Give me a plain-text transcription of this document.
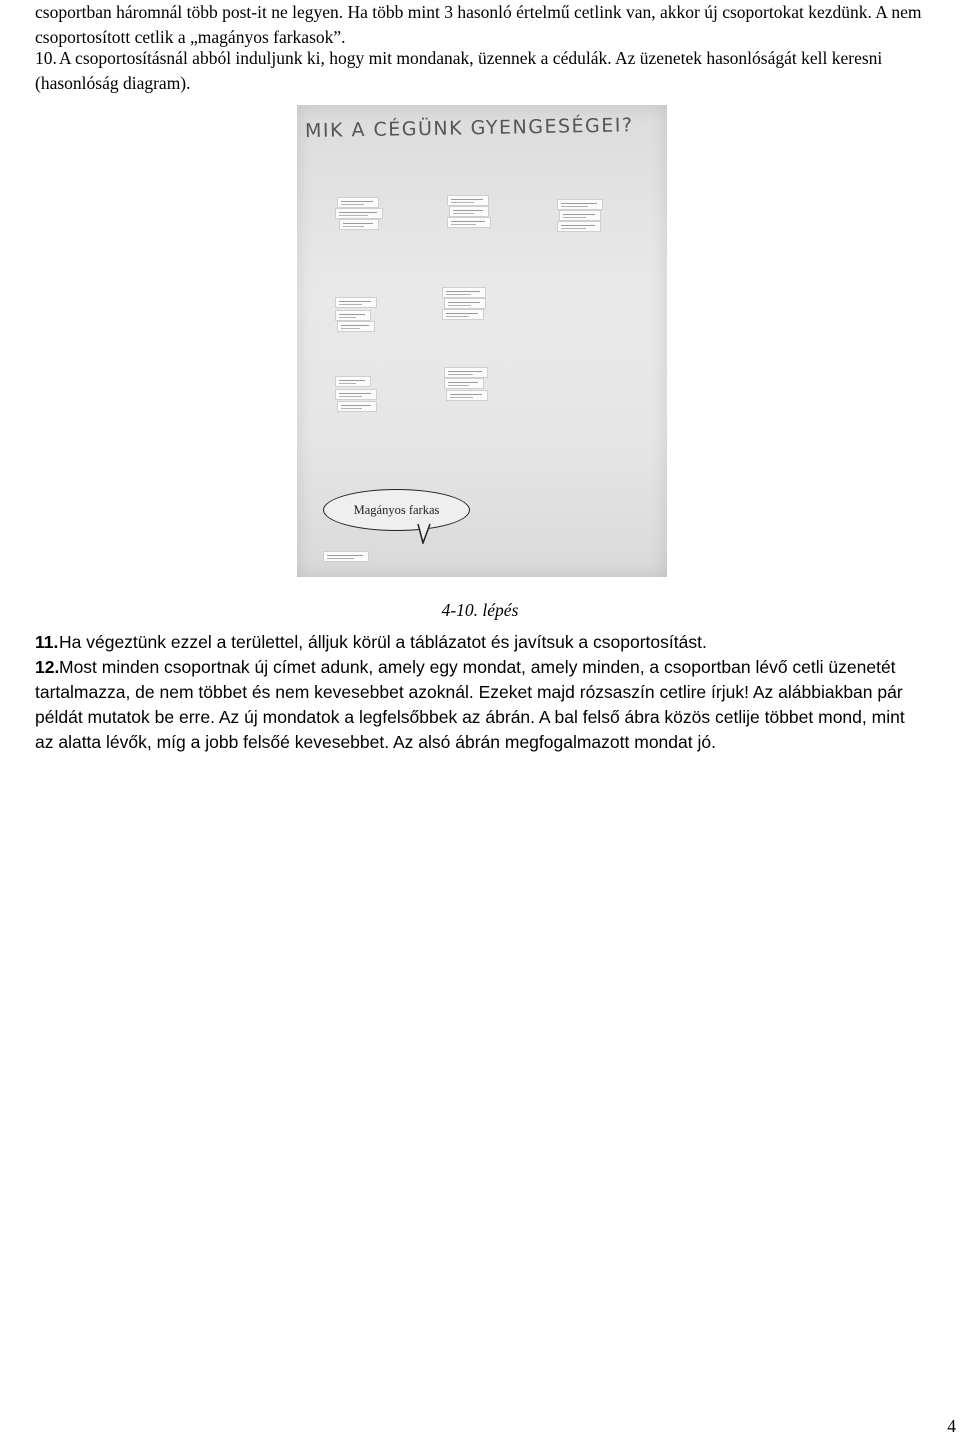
csoportban háromnál több post-it ne legyen. Ha több mint 3 hasonló értelmű cetlink van, akkor új csoportokat kezdünk. A nem csoportosított cetlik a „magányos farkasok”.

10. A csoportosításnál abból induljunk ki, hogy mit mondanak, üzennek a cédulák. Az üzenetek hasonlóságát kell keresni (hasonlóság diagram).

MIK A CÉGÜNK GYENGESÉGEI?
Magányos farkas
4-10. lépés

11.Ha végeztünk ezzel a területtel, álljuk körül a táblázatot és javítsuk a csoportosítást.

12.Most minden csoportnak új címet adunk, amely egy mondat, amely minden, a csoportban lévő cetli üzenetét tartalmazza, de nem többet és nem kevesebbet azoknál. Ezeket majd rózsaszín cetlire írjuk! Az alábbiakban pár példát mutatok be erre. Az új mondatok a legfelsőbbek az ábrán. A bal felső ábra közös cetlije többet mond, mint az alatta lévők, míg a jobb felsőé kevesebbet. Az alsó ábrán megfogalmazott mondat jó.

4
